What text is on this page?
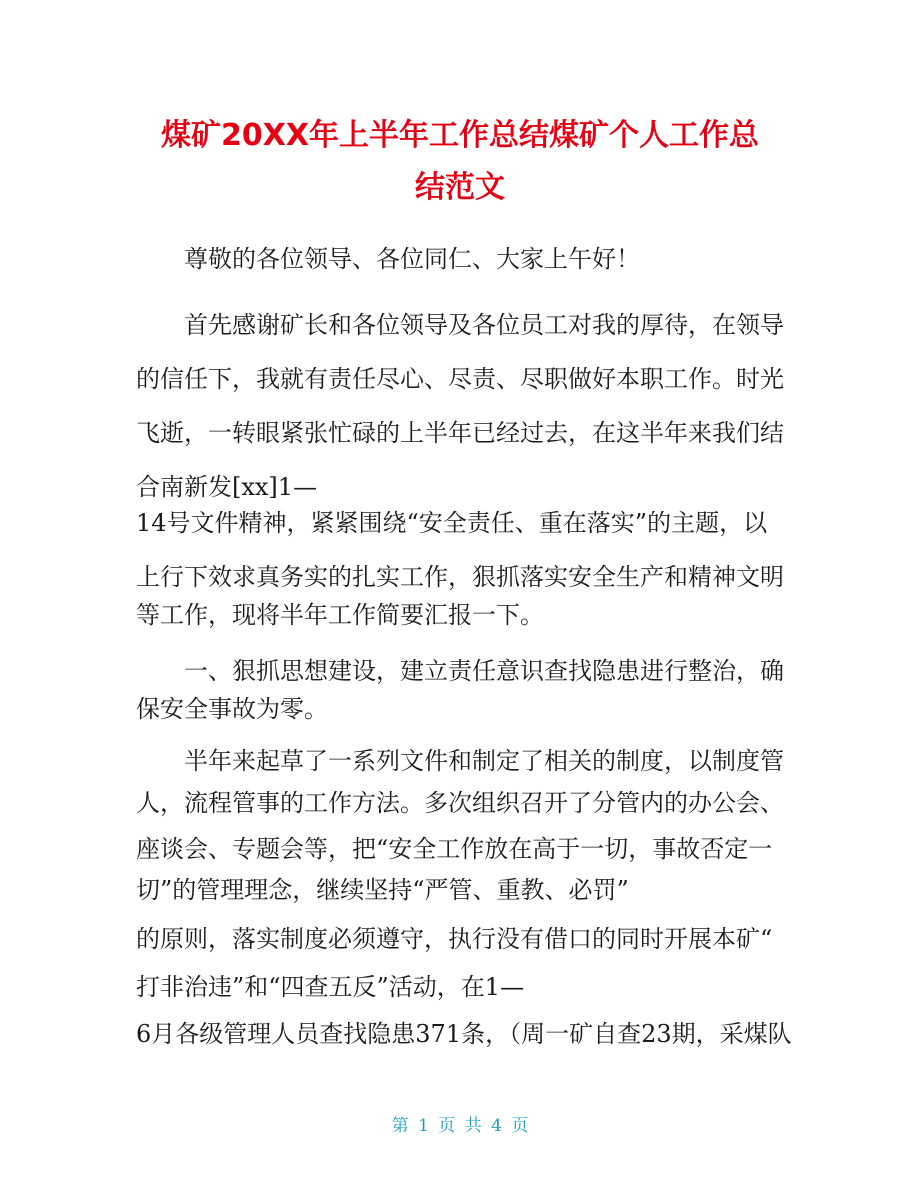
煤矿20XX年上半年工作总结煤矿个人工作总
结范文

尊敬的各位领导、各位同仁、大家上午好！

首先感谢矿长和各位领导及各位员工对我的厚待，在领导

的信任下，我就有责任尽心、尽责、尽职做好本职工作。时光

飞逝，一转眼紧张忙碌的上半年已经过去，在这半年来我们结

合南新发[xx]1—

14号文件精神，紧紧围绕“安全责任、重在落实”的主题，以

上行下效求真务实的扎实工作，狠抓落实安全生产和精神文明

等工作，现将半年工作简要汇报一下。

一、狠抓思想建设，建立责任意识查找隐患进行整治，确

保安全事故为零。

半年来起草了一系列文件和制定了相关的制度，以制度管

人，流程管事的工作方法。多次组织召开了分管内的办公会、

座谈会、专题会等，把“安全工作放在高于一切，事故否定一

切”的管理理念，继续坚持“严管、重教、必罚”

的原则，落实制度必须遵守，执行没有借口的同时开展本矿“

打非治违”和“四查五反”活动，在1—

6月各级管理人员查找隐患371条，（周一矿自查23期，采煤队

第 1 页 共 4 页
